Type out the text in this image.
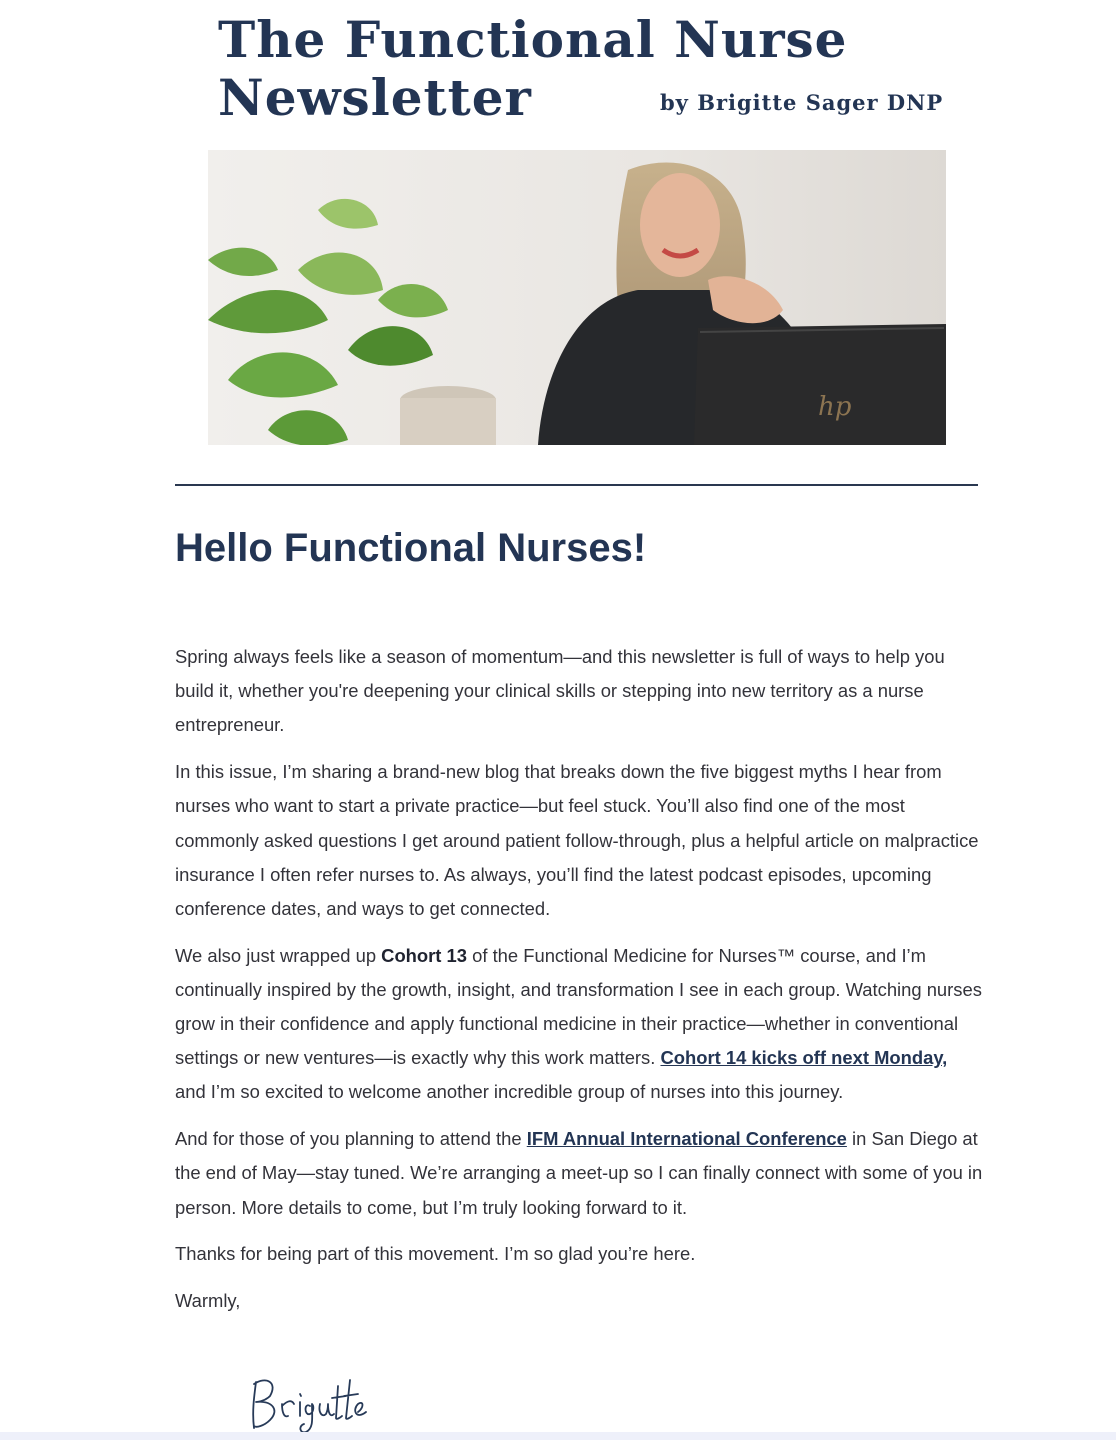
The Functional Nurse
Newsletter	by Brigitte Sager DNP
hp
Hello Functional Nurses!

Spring always feels like a season of momentum—and this newsletter is full of ways to help you build it, whether you're deepening your clinical skills or stepping into new territory as a nurse entrepreneur.

In this issue, I’m sharing a brand-new blog that breaks down the five biggest myths I hear from nurses who want to start a private practice—but feel stuck. You’ll also find one of the most commonly asked questions I get around patient follow-through, plus a helpful article on malpractice insurance I often refer nurses to. As always, you’ll find the latest podcast episodes, upcoming conference dates, and ways to get connected.

We also just wrapped up Cohort 13 of the Functional Medicine for Nurses™ course, and I’m continually inspired by the growth, insight, and transformation I see in each group. Watching nurses grow in their confidence and apply functional medicine in their practice—whether in conventional settings or new ventures—is exactly why this work matters. Cohort 14 kicks off next Monday, and I’m so excited to welcome another incredible group of nurses into this journey.

And for those of you planning to attend the IFM Annual International Conference in San Diego at the end of May—stay tuned. We’re arranging a meet-up so I can finally connect with some of you in person. More details to come, but I’m truly looking forward to it.

Thanks for being part of this movement. I’m so glad you’re here.

Warmly,
